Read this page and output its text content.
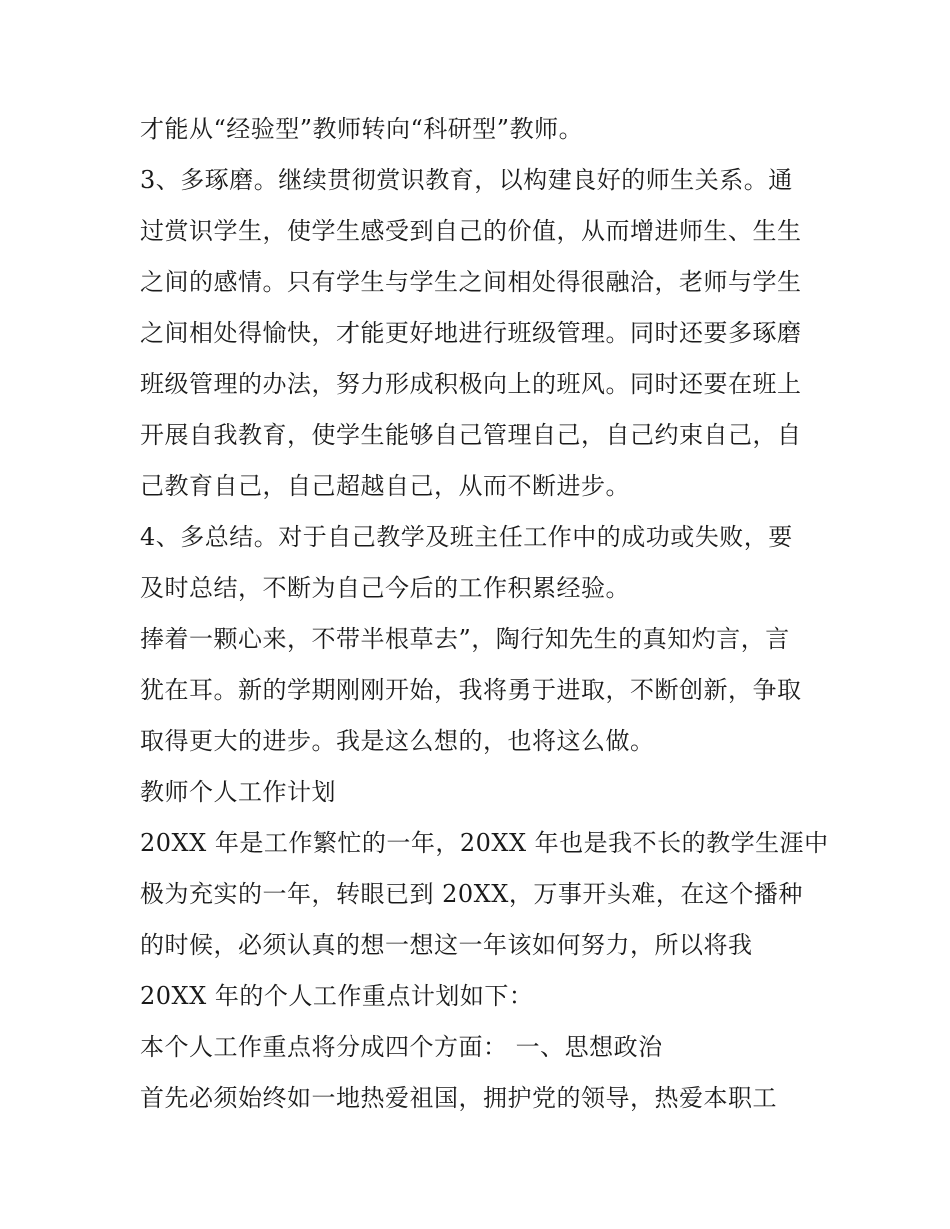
才能从“经验型”教师转向“科研型”教师。
3、多琢磨。继续贯彻赏识教育，以构建良好的师生关系。通
过赏识学生，使学生感受到自己的价值，从而增进师生、生生
之间的感情。只有学生与学生之间相处得很融洽，老师与学生
之间相处得愉快，才能更好地进行班级管理。同时还要多琢磨
班级管理的办法，努力形成积极向上的班风。同时还要在班上
开展自我教育，使学生能够自己管理自己，自己约束自己，自
己教育自己，自己超越自己，从而不断进步。
4、多总结。对于自己教学及班主任工作中的成功或失败，要
及时总结，不断为自己今后的工作积累经验。
捧着一颗心来，不带半根草去”，陶行知先生的真知灼言，言
犹在耳。新的学期刚刚开始，我将勇于进取，不断创新，争取
取得更大的进步。我是这么想的，也将这么做。
教师个人工作计划
20XX 年是工作繁忙的一年，20XX 年也是我不长的教学生涯中
极为充实的一年，转眼已到 20XX，万事开头难，在这个播种
的时候，必须认真的想一想这一年该如何努力，所以将我
20XX 年的个人工作重点计划如下：
本个人工作重点将分成四个方面： 一、思想政治
首先必须始终如一地热爱祖国，拥护党的领导，热爱本职工
